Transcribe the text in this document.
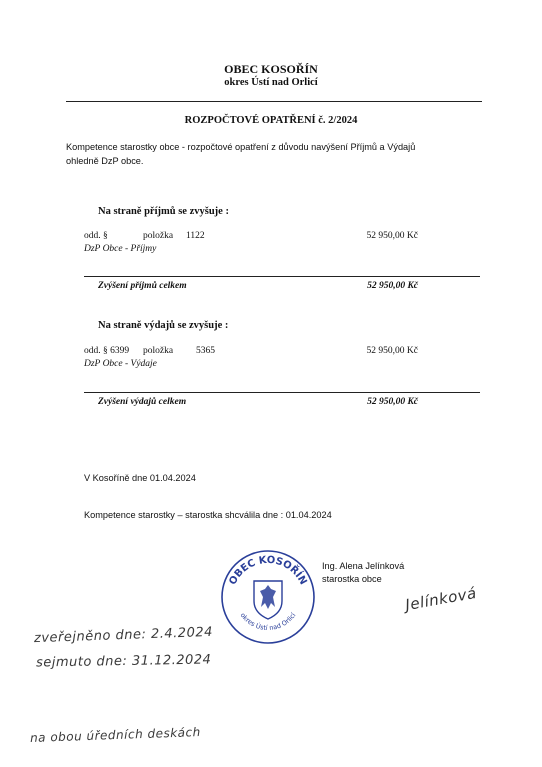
OBEC KOSOŘÍN
okres Ústí nad Orlicí
ROZPOČTOVÉ OPATŘENÍ č. 2/2024
Kompetence starostky obce - rozpočtové opatření z důvodu navýšení Příjmů a Výdajů
ohledně DzP obce.
Na straně příjmů se zvyšuje :
odd. §	položka 1122	52 950,00 Kč
DzP Obce - Příjmy
Zvýšení příjmů celkem	52 950,00 Kč
Na straně výdajů se zvyšuje :
odd. § 6399 položka 5365	52 950,00 Kč
DzP Obce - Výdaje
Zvýšení výdajů celkem	52 950,00 Kč
V Kosoříně dne 01.04.2024
Kompetence starostky – starostka shcválila dne : 01.04.2024
OBEC KOSOŘÍN
okres Ústí nad Orlicí
Ing. Alena Jelínková
starostka obce
Jelínková
zveřejněno dne: 2.4.2024
sejmuto dne: 31.12.2024
na obou úředních deskách
